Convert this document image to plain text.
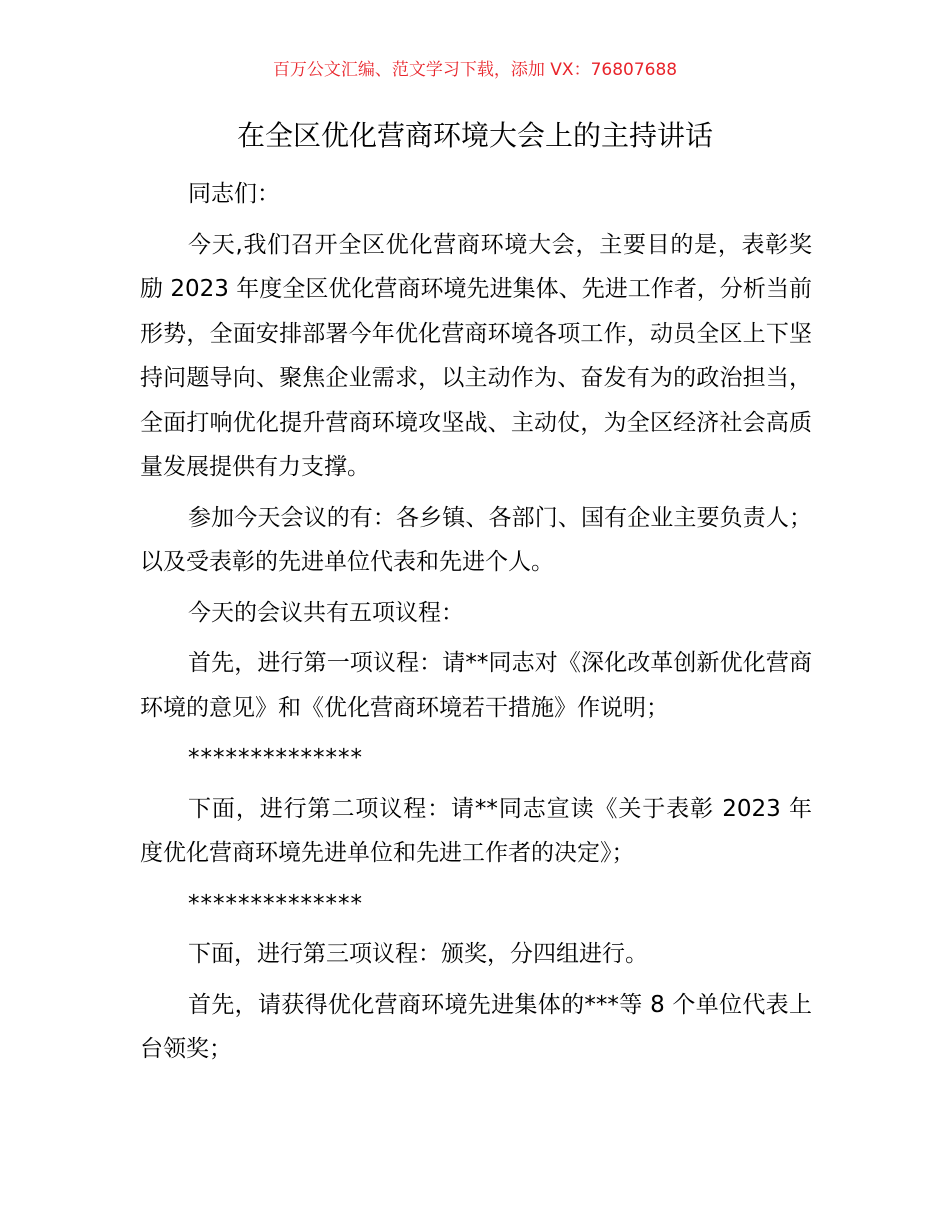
百万公文汇编、范文学习下载，添加 VX：76807688
在全区优化营商环境大会上的主持讲话

同志们：

今天,我们召开全区优化营商环境大会，主要目的是，表彰奖励 2023 年度全区优化营商环境先进集体、先进工作者，分析当前形势，全面安排部署今年优化营商环境各项工作，动员全区上下坚持问题导向、聚焦企业需求，以主动作为、奋发有为的政治担当，全面打响优化提升营商环境攻坚战、主动仗，为全区经济社会高质量发展提供有力支撑。

参加今天会议的有：各乡镇、各部门、国有企业主要负责人；以及受表彰的先进单位代表和先进个人。

今天的会议共有五项议程：

首先，进行第一项议程：请**同志对《深化改革创新优化营商环境的意见》和《优化营商环境若干措施》作说明；

**************

下面，进行第二项议程：请**同志宣读《关于表彰 2023 年度优化营商环境先进单位和先进工作者的决定》；

**************

下面，进行第三项议程：颁奖，分四组进行。

首先，请获得优化营商环境先进集体的***等 8 个单位代表上台领奖；
